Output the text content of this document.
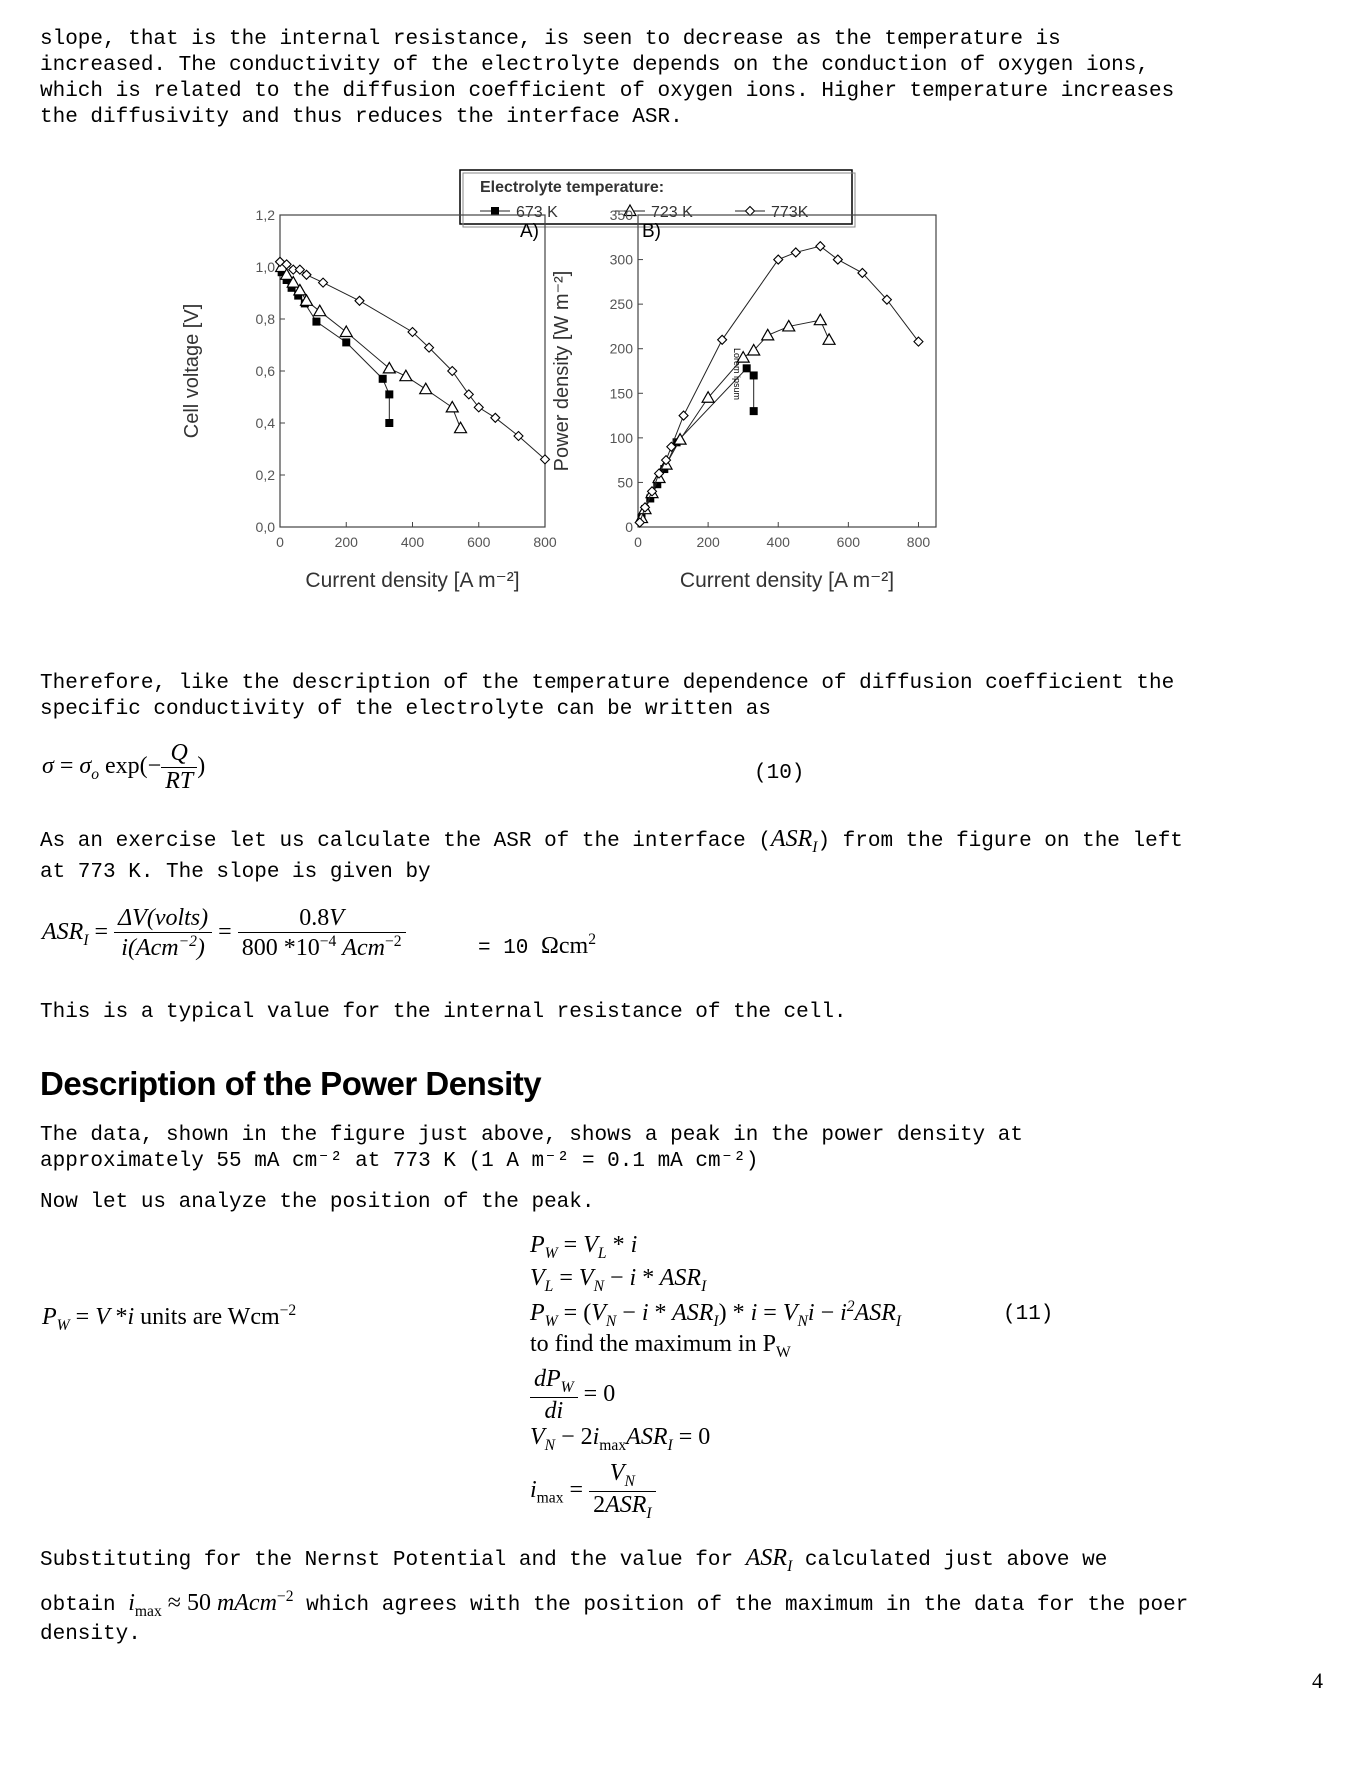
slope, that is the internal resistance, is seen to decrease as the temperature is
increased. The conductivity of the electrolyte depends on the conduction of oxygen ions,
which is related to the diffusion coefficient of oxygen ions. Higher temperature increases
the diffusivity and thus reduces the interface ASR.

Electrolyte temperature:
673 K	723 K	773K
0	200	400	600	800
0,0
0,2
0,4
0,6
0,8
1,0
1,2
A)
Current density [A m⁻²]
Cell voltage [V]
0	200	400	600	800
0
50
100
150
200
250
300
350
B)
Current density [A m⁻²]
Power density [W m⁻²]	Lorem ipsum

Therefore, like the description of the temperature dependence of diffusion coefficient the
specific conductivity of the electrolyte can be written as

$\sigma = \sigma_o$ $\exp(- \frac{Q}{RT}$ )	(10)
As an exercise let us calculate the ASR of the interface $(ASR_I)$ from the figure on the left

at 773 K. The slope is given by

$ASR_I = \frac{\text{ΔV(volts)}}{i(Acm^{-2})} = \frac{0.8V}{800 *10^{-4} Acm^{-2}}$	= 10 Ωcm$^2$

This is a typical value for the internal resistance of the cell.

Description of the Power Density

The data, shown in the figure just above, shows a peak in the power density at
approximately 55 mA cm⁻² at 773 K (1 A m⁻² = 0.1 mA cm⁻²)

Now let us analyze the position of the peak.

$P_W = V$ *i units are Wcm$^{-2}$
$P_W = V_L * i$
$V_L = V_N - i * ASR_I$
$P_W = (V_N - i * ASR_I) * i = V_Ni - i^2ASR_I$	(11)
to find the maximum in $P_W$
$\frac{dP_W}{di} = 0$
$V_N - 2i_{max}ASR_I = 0$
$i_{max} = \frac{V_N}{2ASR_I}$
Substituting for the Nernst Potential and the value for $ASR_I$ calculated just above we
obtain $i_{max} \approx 50$ mAcm$^{-2}$ which agrees with the position of the maximum in the data for the poer

density.

4
